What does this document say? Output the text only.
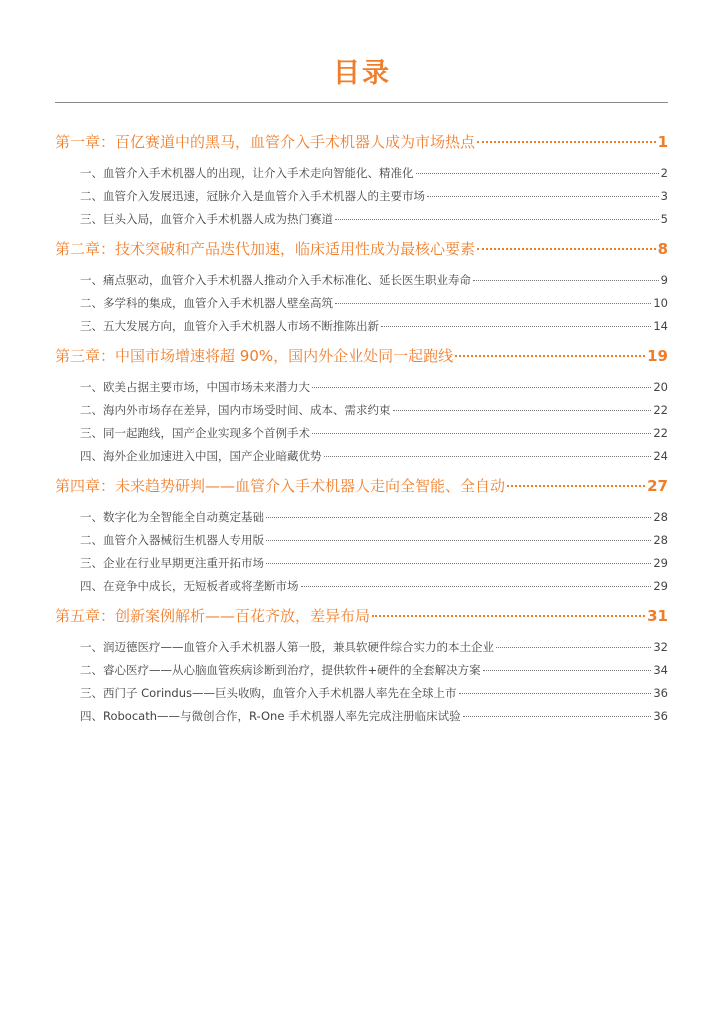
目录
第一章：百亿赛道中的黑马，血管介入手术机器人成为市场热点	1
一、血管介入手术机器人的出现，让介入手术走向智能化、精准化	2
二、血管介入发展迅速，冠脉介入是血管介入手术机器人的主要市场	3
三、巨头入局，血管介入手术机器人成为热门赛道	5
第二章：技术突破和产品迭代加速，临床适用性成为最核心要素	8
一、痛点驱动，血管介入手术机器人推动介入手术标准化、延长医生职业寿命	9
二、多学科的集成，血管介入手术机器人壁垒高筑	10
三、五大发展方向，血管介入手术机器人市场不断推陈出新	14
第三章：中国市场增速将超 90%，国内外企业处同一起跑线	19
一、欧美占据主要市场，中国市场未来潜力大	20
二、海内外市场存在差异，国内市场受时间、成本、需求约束	22
三、同一起跑线，国产企业实现多个首例手术	22
四、海外企业加速进入中国，国产企业暗藏优势	24
第四章：未来趋势研判——血管介入手术机器人走向全智能、全自动	27
一、数字化为全智能全自动奠定基础	28
二、血管介入器械衍生机器人专用版	28
三、企业在行业早期更注重开拓市场	29
四、在竞争中成长，无短板者或将垄断市场	29
第五章：创新案例解析——百花齐放，差异布局	31
一、润迈德医疗——血管介入手术机器人第一股，兼具软硬件综合实力的本土企业	32
二、睿心医疗——从心脑血管疾病诊断到治疗，提供软件+硬件的全套解决方案	34
三、西门子 Corindus——巨头收购，血管介入手术机器人率先在全球上市	36
四、Robocath——与微创合作，R-One 手术机器人率先完成注册临床试验	36
